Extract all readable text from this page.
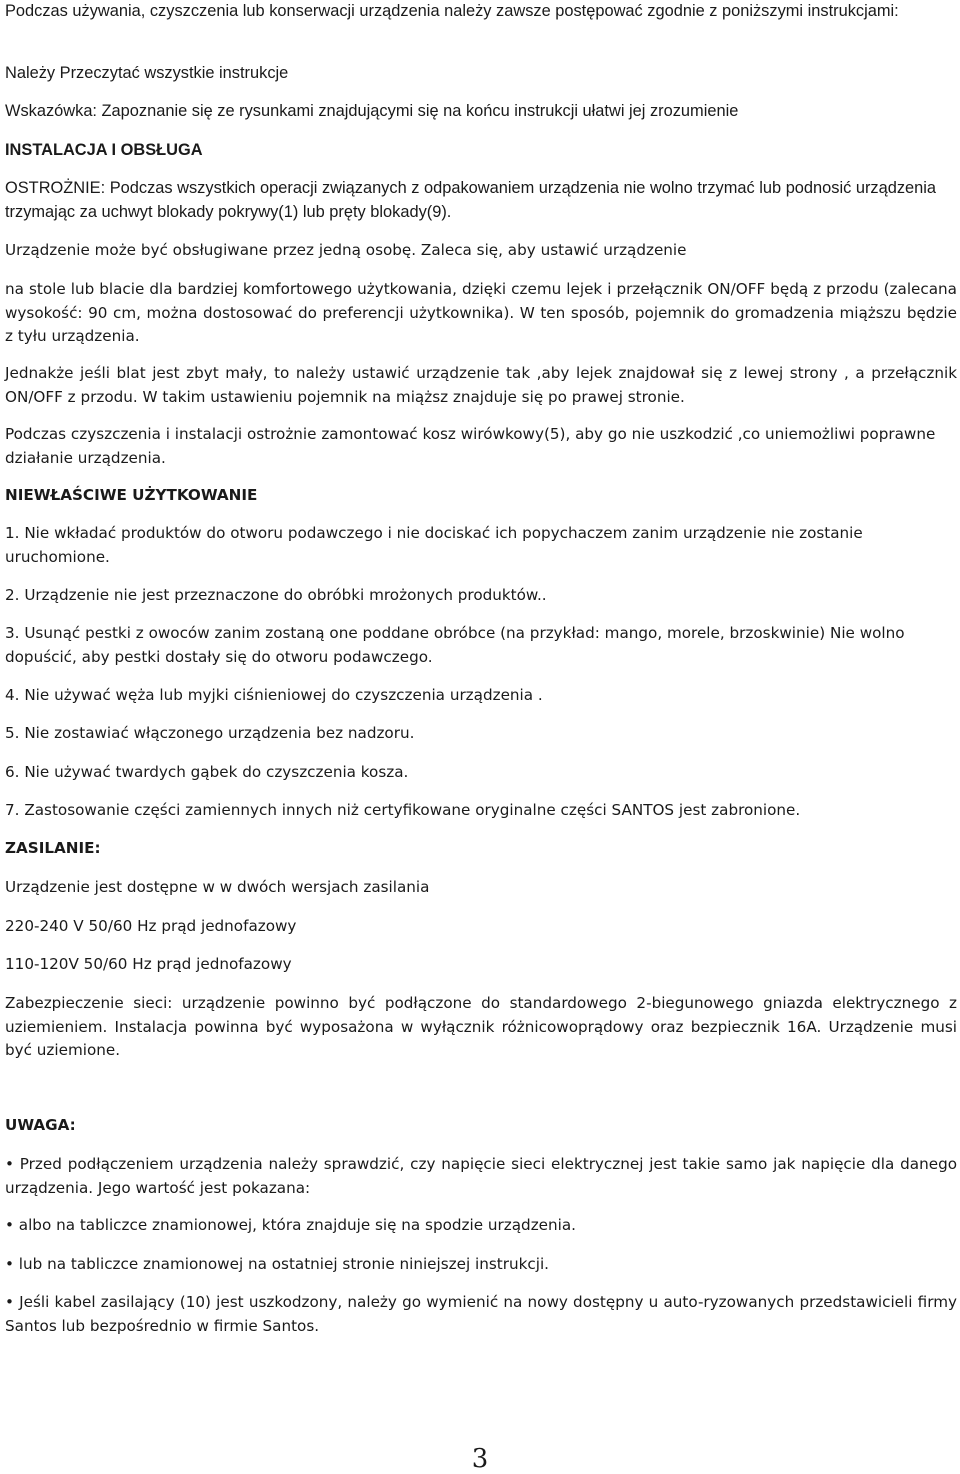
Podczas używania, czyszczenia lub konserwacji urządzenia należy zawsze postępować zgodnie z poniższymi instrukcjami:

Należy Przeczytać wszystkie instrukcje

Wskazówka: Zapoznanie się ze rysunkami znajdującymi się na końcu instrukcji ułatwi jej zrozumienie

INSTALACJA I OBSŁUGA

OSTROŻNIE: Podczas wszystkich operacji związanych z odpakowaniem urządzenia nie wolno trzymać lub podnosić urządzenia trzymając za uchwyt blokady pokrywy(1) lub pręty blokady(9).

Urządzenie może być obsługiwane przez jedną osobę. Zaleca się, aby ustawić urządzenie

na stole lub blacie dla bardziej komfortowego użytkowania, dzięki czemu lejek i przełącznik ON/OFF będą z przodu (zalecana wysokość: 90 cm, można dostosować do preferencji użytkownika). W ten sposób, pojemnik do gromadzenia miąższu będzie z tyłu urządzenia.

Jednakże jeśli blat jest zbyt mały, to należy ustawić urządzenie tak ,aby lejek znajdował się z lewej strony , a przełącznik ON/OFF z przodu. W takim ustawieniu pojemnik na miąższ znajduje się po prawej stronie.

Podczas czyszczenia i instalacji ostrożnie zamontować kosz wirówkowy(5), aby go nie uszkodzić ,co uniemożliwi poprawne działanie urządzenia.

NIEWŁAŚCIWE UŻYTKOWANIE

1. Nie wkładać produktów do otworu podawczego i nie dociskać ich popychaczem zanim urządzenie nie zostanie uruchomione.

2. Urządzenie nie jest przeznaczone do obróbki mrożonych produktów..

3. Usunąć pestki z owoców zanim zostaną one poddane obróbce (na przykład: mango, morele, brzoskwinie) Nie wolno dopuścić, aby pestki dostały się do otworu podawczego.

4. Nie używać węża lub myjki ciśnieniowej do czyszczenia urządzenia .

5. Nie zostawiać włączonego urządzenia bez nadzoru.

6. Nie używać twardych gąbek do czyszczenia kosza.

7. Zastosowanie części zamiennych innych niż certyfikowane oryginalne części SANTOS jest zabronione.

ZASILANIE:

Urządzenie jest dostępne w w dwóch wersjach zasilania

220-240 V 50/60 Hz prąd jednofazowy

110-120V 50/60 Hz prąd jednofazowy

Zabezpieczenie sieci: urządzenie powinno być podłączone do standardowego 2-biegunowego gniazda elektrycznego z uziemieniem. Instalacja powinna być wyposażona w wyłącznik różnicowoprądowy oraz bezpiecznik 16A. Urządzenie musi być uziemione.

UWAGA:

• Przed podłączeniem urządzenia należy sprawdzić, czy napięcie sieci elektrycznej jest takie samo jak napięcie dla danego urządzenia. Jego wartość jest pokazana:

• albo na tabliczce znamionowej, która znajduje się na spodzie urządzenia.

• lub na tabliczce znamionowej na ostatniej stronie niniejszej instrukcji.

• Jeśli kabel zasilający (10) jest uszkodzony, należy go wymienić na nowy dostępny u auto-ryzowanych przedstawicieli firmy Santos lub bezpośrednio w firmie Santos.

3
